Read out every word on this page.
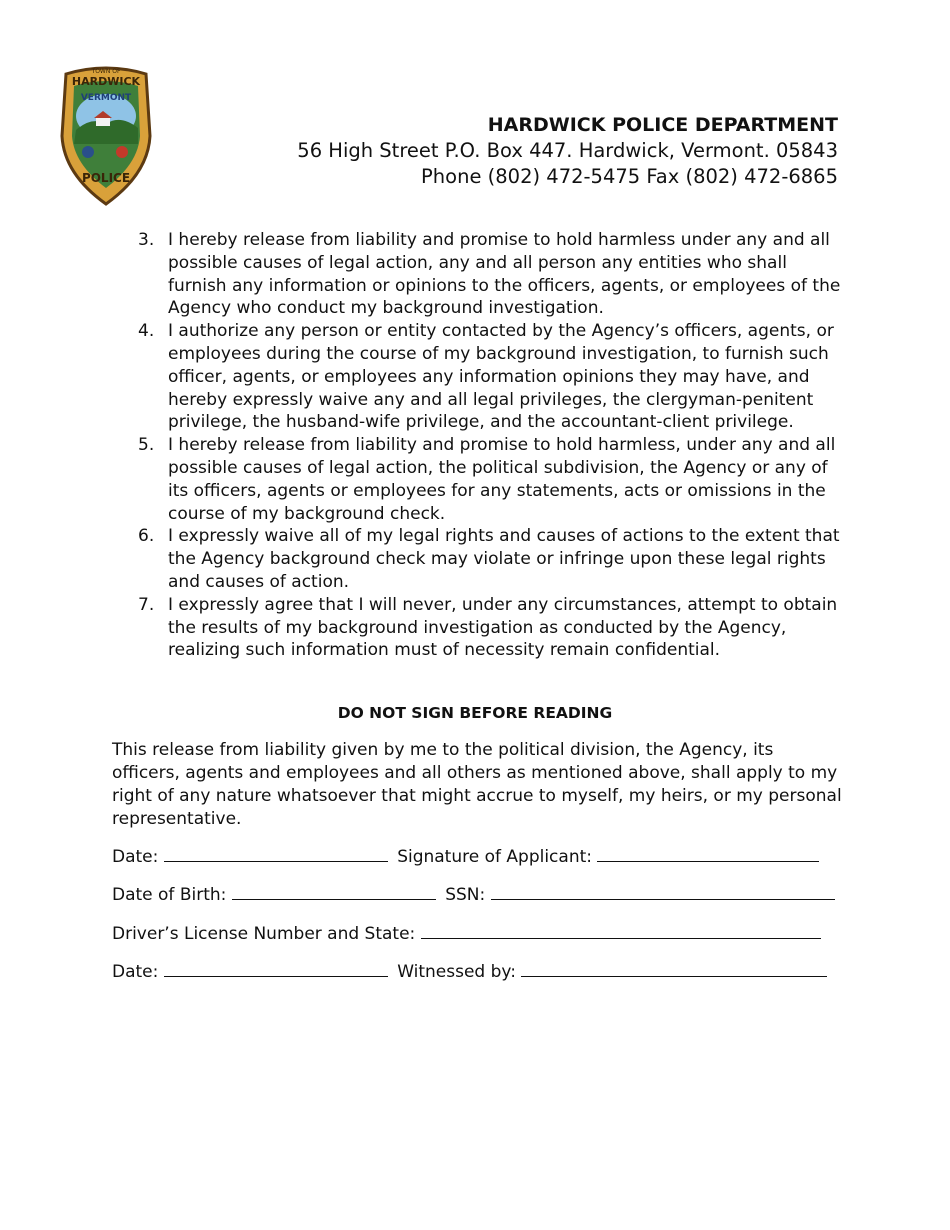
TOWN OF
HARDWICK
VERMONT
POLICE
HARDWICK POLICE DEPARTMENT
56 High Street P.O. Box 447. Hardwick, Vermont. 05843
Phone (802) 472-5475 Fax (802) 472-6865
3. I hereby release from liability and promise to hold harmless under any and all possible causes of legal action, any and all person any entities who shall furnish any information or opinions to the officers, agents, or employees of the Agency who conduct my background investigation.
4. I authorize any person or entity contacted by the Agency’s officers, agents, or employees during the course of my background investigation, to furnish such officer, agents, or employees any information opinions they may have, and hereby expressly waive any and all legal privileges, the clergyman-penitent privilege, the husband-wife privilege, and the accountant-client privilege.
5. I hereby release from liability and promise to hold harmless, under any and all possible causes of legal action, the political subdivision, the Agency or any of its officers, agents or employees for any statements, acts or omissions in the course of my background check.
6. I expressly waive all of my legal rights and causes of actions to the extent that the Agency background check may violate or infringe upon these legal rights and causes of action.
7. I expressly agree that I will never, under any circumstances, attempt to obtain the results of my background investigation as conducted by the Agency, realizing such information must of necessity remain confidential.
DO NOT SIGN BEFORE READING

This release from liability given by me to the political division, the Agency, its officers, agents and employees and all others as mentioned above, shall apply to my right of any nature whatsoever that might accrue to myself, my heirs, or my personal representative.

Date:	Signature of Applicant:
Date of Birth:	SSN:
Driver’s License Number and State:
Date:	Witnessed by:
